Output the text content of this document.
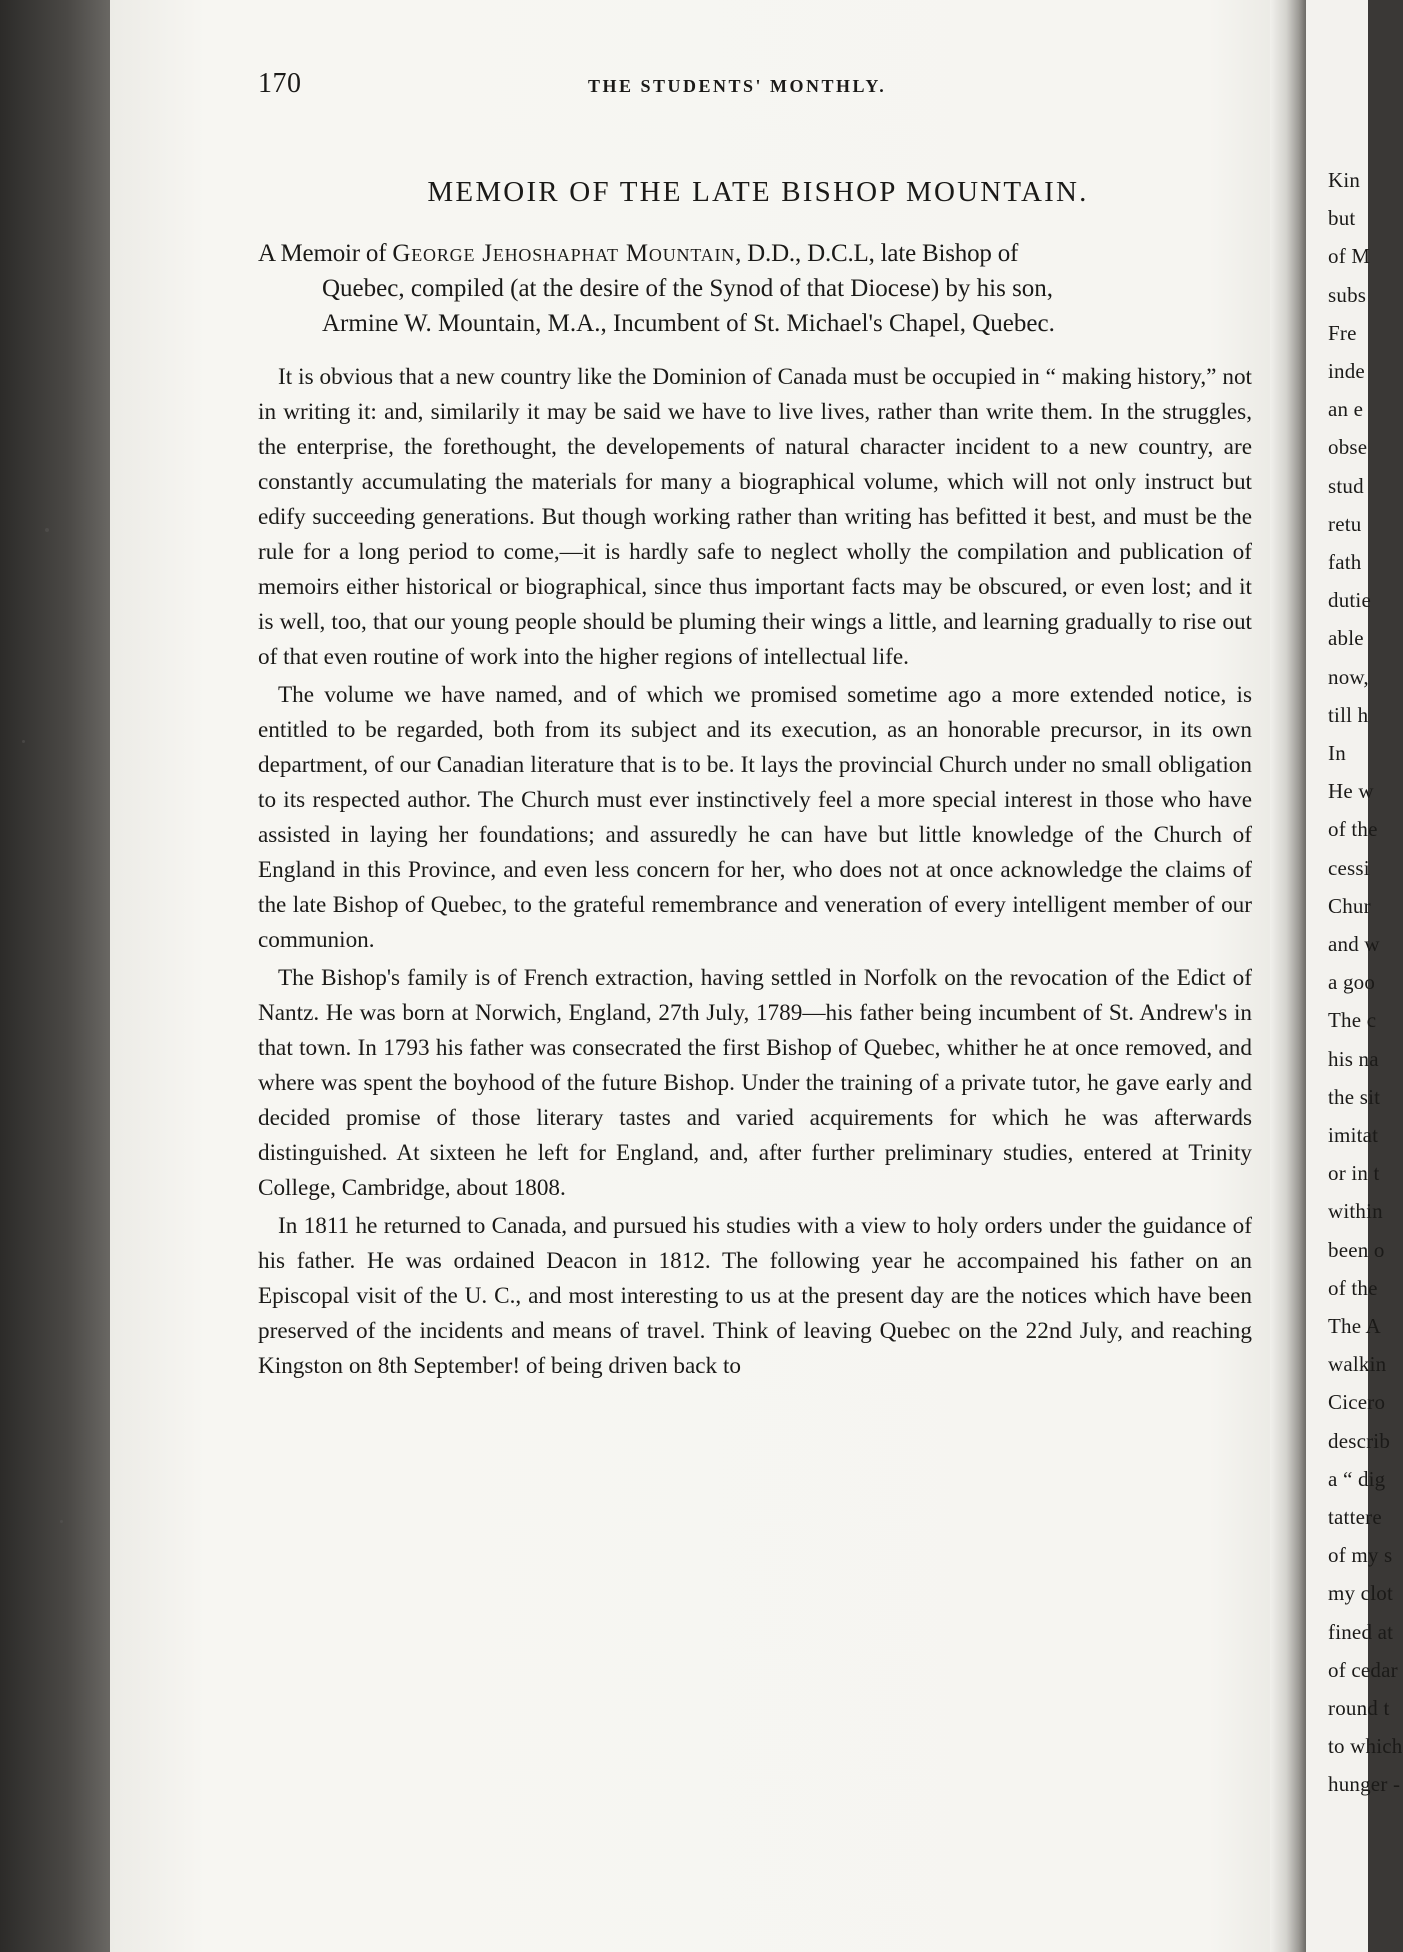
170	THE STUDENTS' MONTHLY.
MEMOIR OF THE LATE BISHOP MOUNTAIN.
A Memoir of George Jehoshaphat Mountain, D.D., D.C.L, late Bishop of
Quebec, compiled (at the desire of the Synod of that Diocese) by his son,
Armine W. Mountain, M.A., Incumbent of St. Michael's Chapel, Quebec.
It is obvious that a new country like the Dominion of Canada must be occupied in “ making history,” not in writing it: and, similarily it may be said we have to live lives, rather than write them. In the struggles, the enterprise, the forethought, the developements of natural character incident to a new country, are constantly accumulating the materials for many a biographical volume, which will not only instruct but edify succeeding generations. But though working rather than writing has befitted it best, and must be the rule for a long period to come,—it is hardly safe to neglect wholly the compilation and publication of memoirs either historical or biographical, since thus important facts may be obscured, or even lost; and it is well, too, that our young people should be pluming their wings a little, and learning gradually to rise out of that even routine of work into the higher regions of intellectual life.
The volume we have named, and of which we promised sometime ago a more extended notice, is entitled to be regarded, both from its subject and its execution, as an honorable precursor, in its own department, of our Canadian literature that is to be. It lays the provincial Church under no small obligation to its respected author. The Church must ever instinctively feel a more special interest in those who have assisted in laying her foundations; and assuredly he can have but little knowledge of the Church of England in this Province, and even less concern for her, who does not at once acknowledge the claims of the late Bishop of Quebec, to the grateful remembrance and veneration of every intelligent member of our communion.
The Bishop's family is of French extraction, having settled in Norfolk on the revocation of the Edict of Nantz. He was born at Norwich, England, 27th July, 1789—his father being incumbent of St. Andrew's in that town. In 1793 his father was consecrated the first Bishop of Quebec, whither he at once removed, and where was spent the boyhood of the future Bishop. Under the training of a private tutor, he gave early and decided promise of those literary tastes and varied acquirements for which he was afterwards distinguished. At sixteen he left for England, and, after further preliminary studies, entered at Trinity College, Cambridge, about 1808.
In 1811 he returned to Canada, and pursued his studies with a view to holy orders under the guidance of his father. He was ordained Deacon in 1812. The following year he accompained his father on an Episcopal visit of the U. C., and most interesting to us at the present day are the notices which have been preserved of the incidents and means of travel. Think of leaving Quebec on the 22nd July, and reaching Kingston on 8th September! of being driven back to
Kin
but
of M
subs
Fre
inde
an e
obse
stud
retu
fath
dutie
able
now,
till h
In
He w
of the
cessi
Chur
and w
a goo
The c
his na
the sit
imitat
or in t
within
been o
of the
The A
walkin
Cicero
describ
a “ dig
tattere
of my s
my clot
fined at
of cedar
round t
to which
hunger -
